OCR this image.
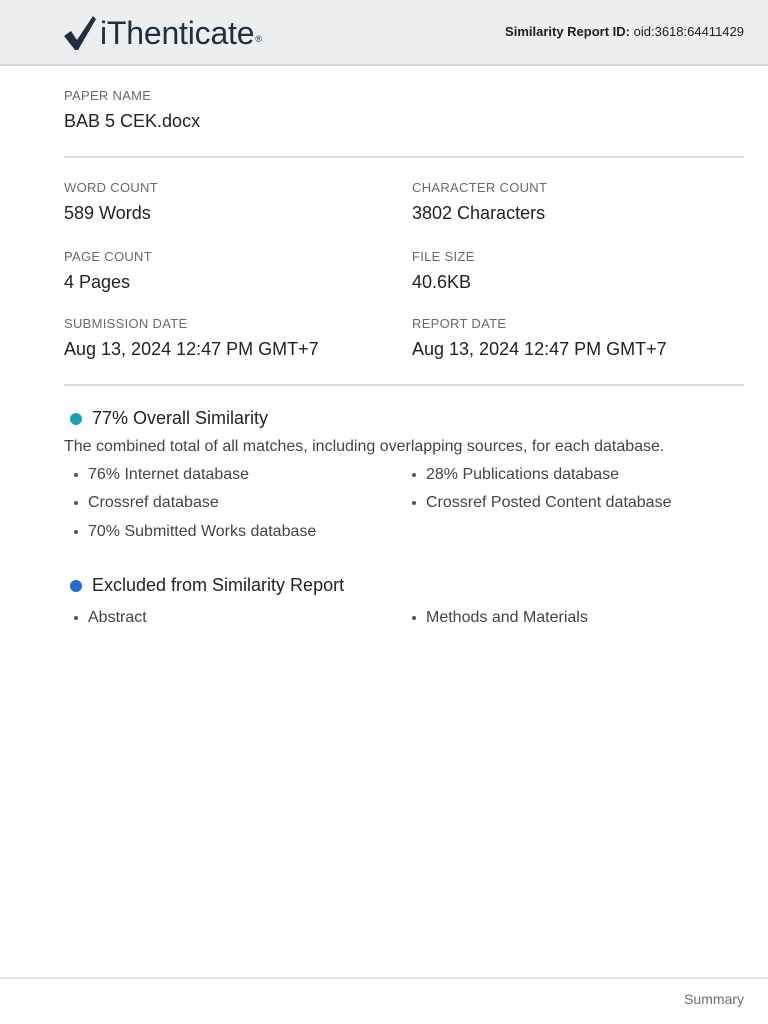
iThenticate ®	Similarity Report ID: oid:3618:64411429
PAPER NAME
BAB 5 CEK.docx
WORD COUNT
589 Words
CHARACTER COUNT
3802 Characters
PAGE COUNT
4 Pages
FILE SIZE
40.6KB
SUBMISSION DATE
Aug 13, 2024 12:47 PM GMT+7
REPORT DATE
Aug 13, 2024 12:47 PM GMT+7
77% Overall Similarity
The combined total of all matches, including overlapping sources, for each database.
76% Internet database	28% Publications database
Crossref database	Crossref Posted Content database
70% Submitted Works database
Excluded from Similarity Report
Abstract	Methods and Materials
Summary
